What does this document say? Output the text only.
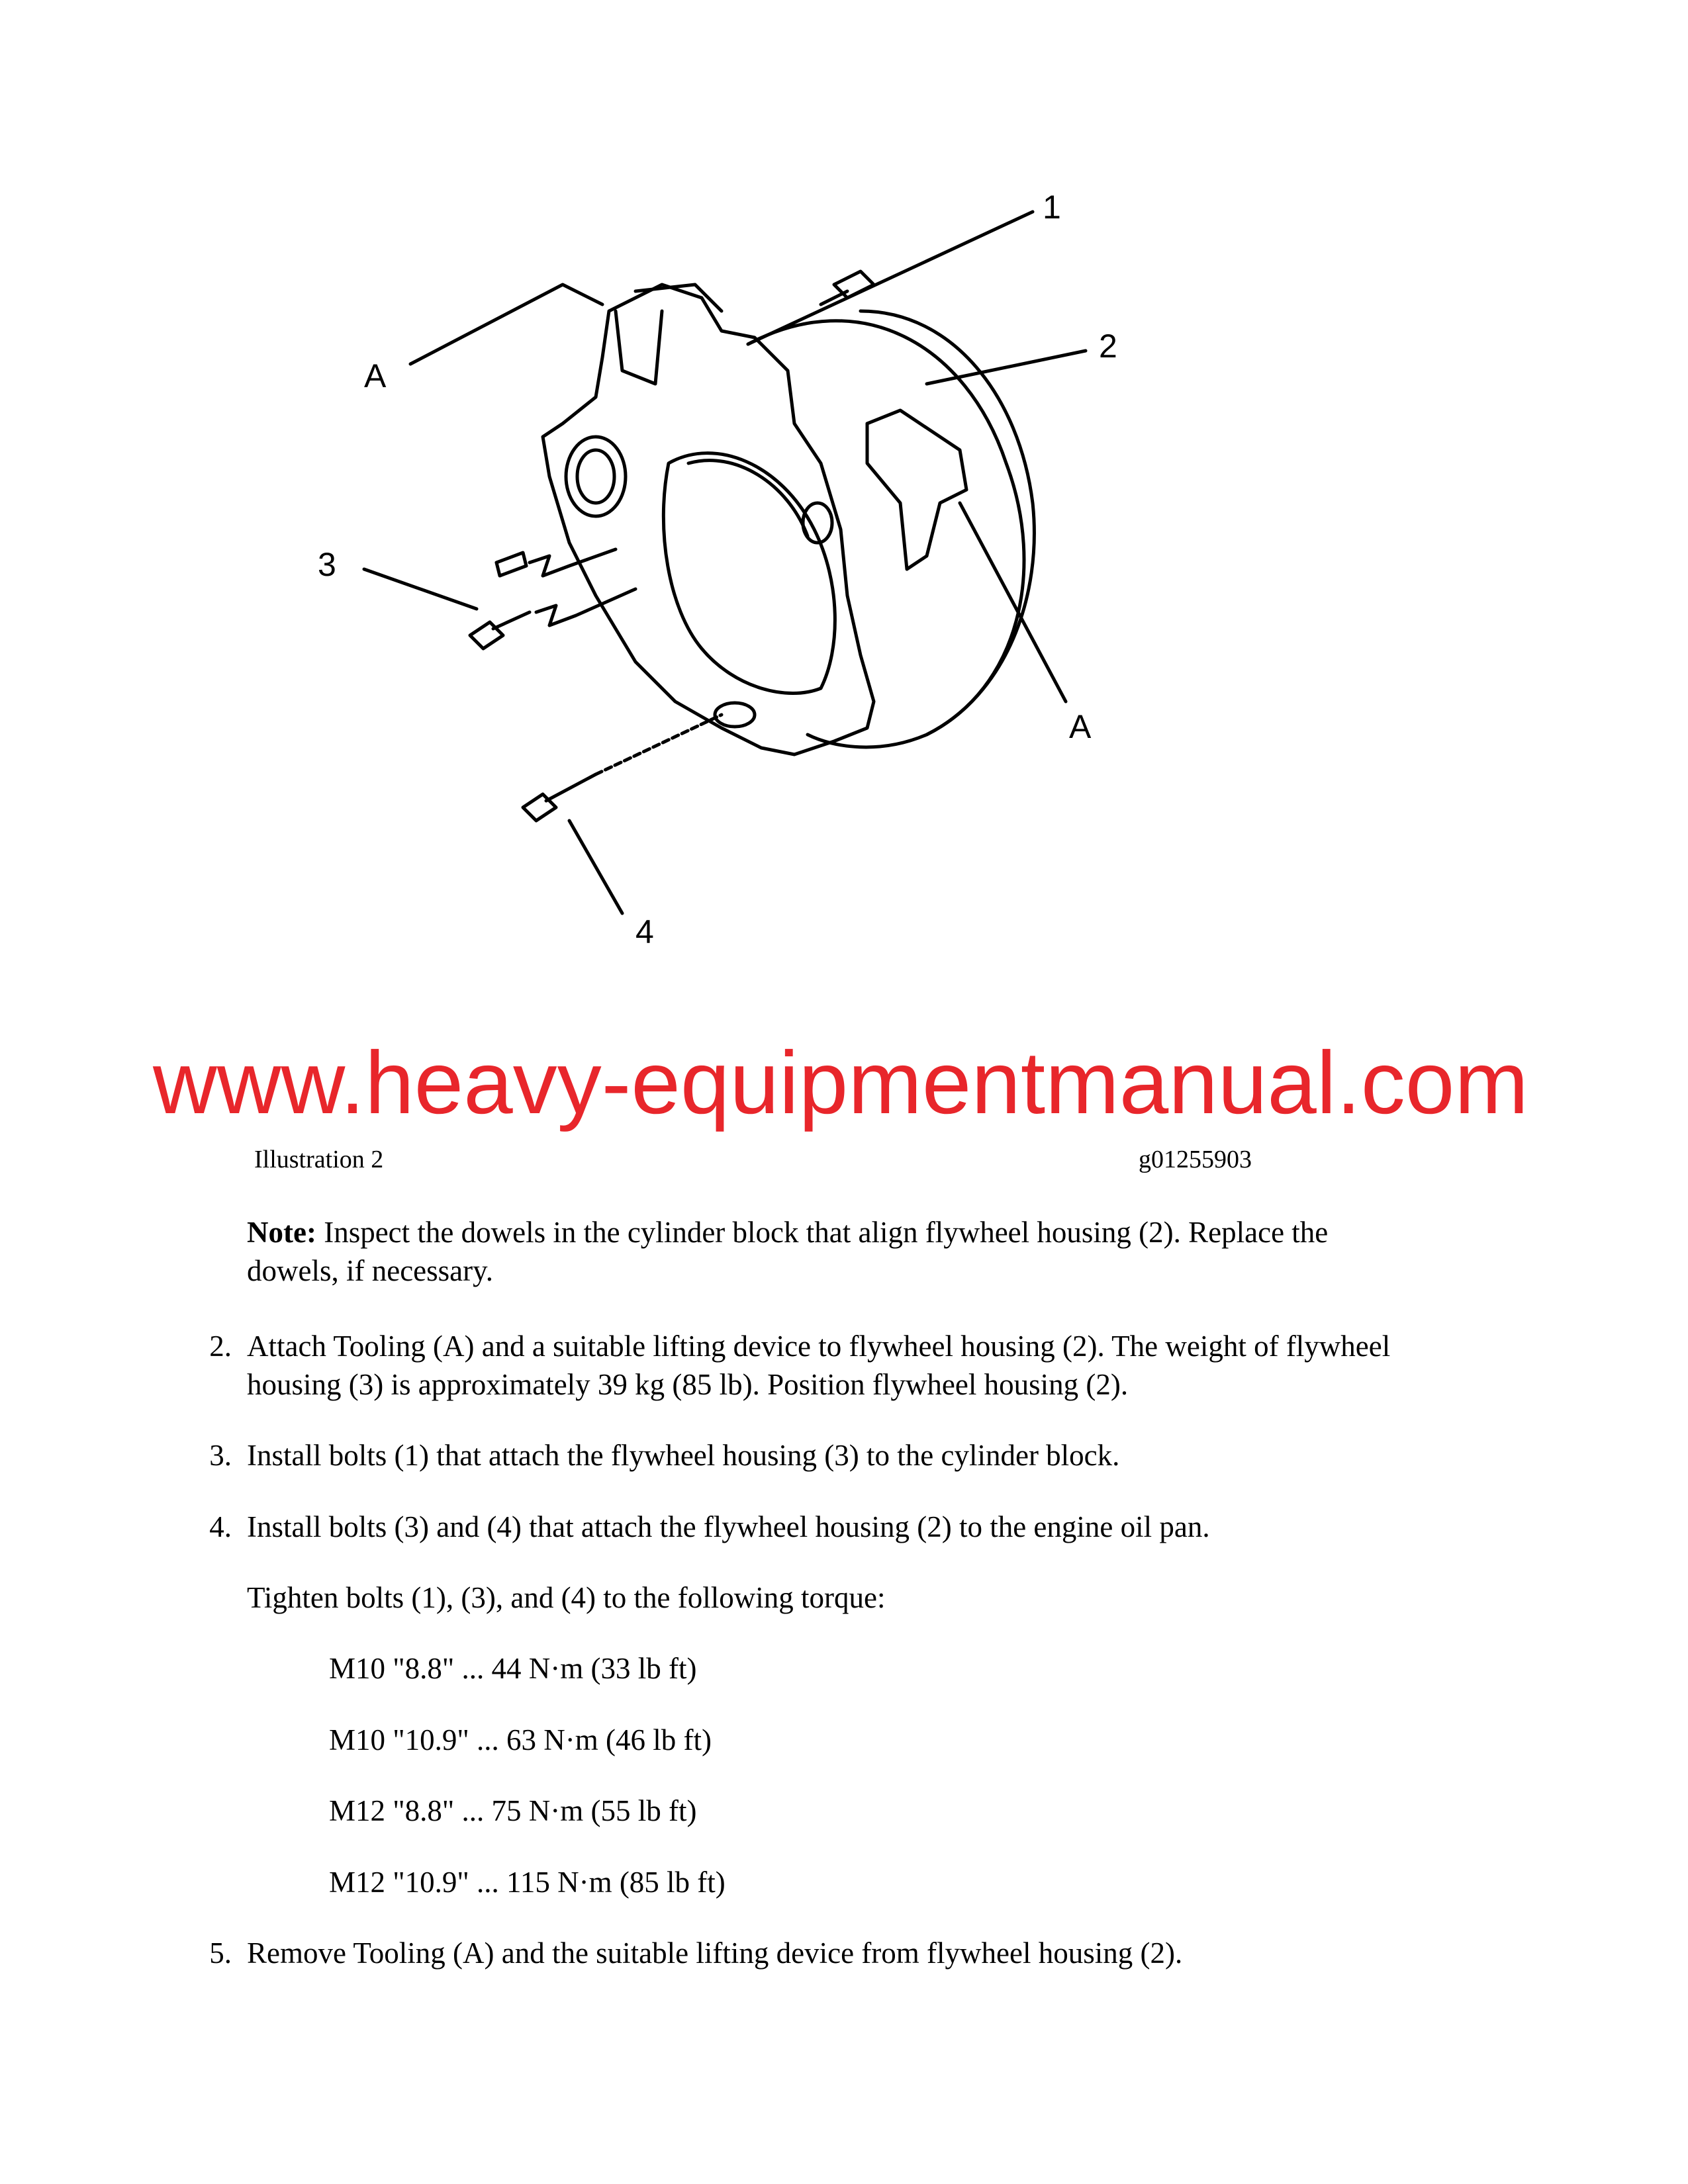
1
2
3
4
A
A
www.heavy-equipmentmanual.com
Illustration 2	g01255903
Note: Inspect the dowels in the cylinder block that align flywheel housing (2). Replace the
dowels, if necessary.
2. Attach Tooling (A) and a suitable lifting device to flywheel housing (2). The weight of flywheel
housing (3) is approximately 39 kg (85 lb). Position flywheel housing (2).
3. Install bolts (1) that attach the flywheel housing (3) to the cylinder block.
4. Install bolts (3) and (4) that attach the flywheel housing (2) to the engine oil pan.
Tighten bolts (1), (3), and (4) to the following torque:
M10 "8.8" ... 44 N·m (33 lb ft)
M10 "10.9" ... 63 N·m (46 lb ft)
M12 "8.8" ... 75 N·m (55 lb ft)
M12 "10.9" ... 115 N·m (85 lb ft)
5. Remove Tooling (A) and the suitable lifting device from flywheel housing (2).
